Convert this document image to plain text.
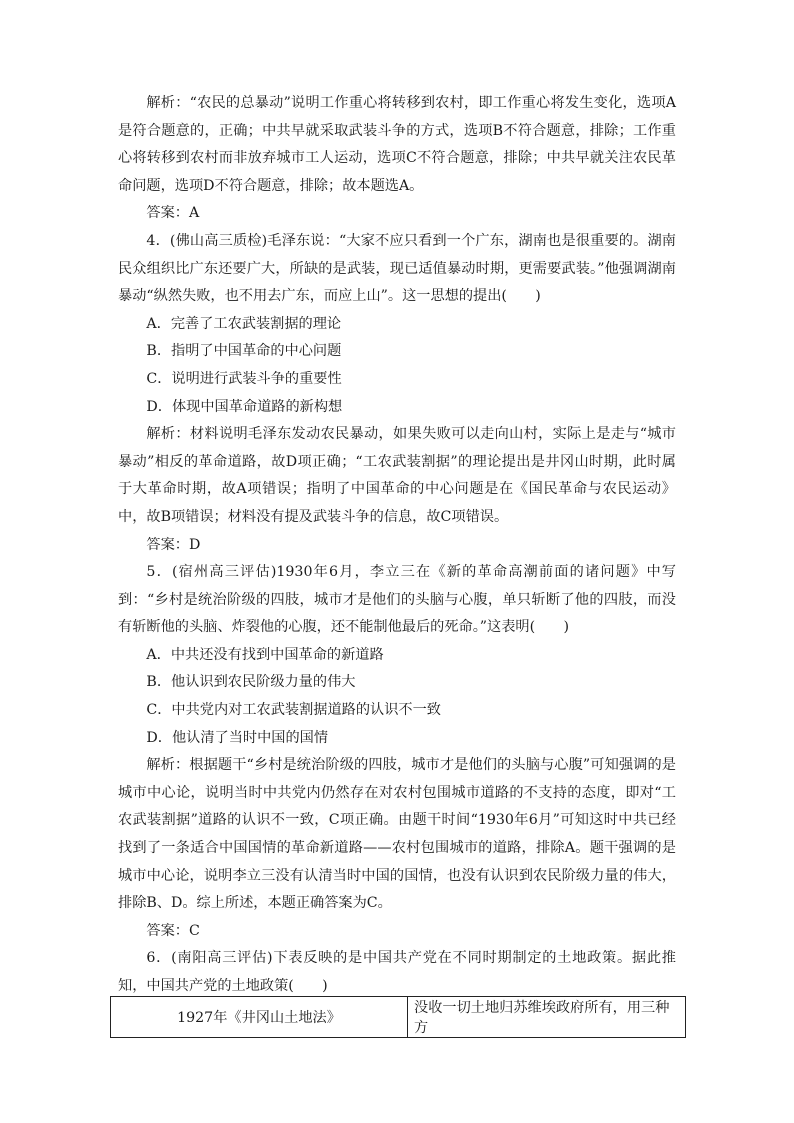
解析：“农民的总暴动”说明工作重心将转移到农村，即工作重心将发生变化，选项A是符合题意的，正确；中共早就采取武装斗争的方式，选项B不符合题意，排除；工作重心将转移到农村而非放弃城市工人运动，选项C不符合题意，排除；中共早就关注农民革命问题，选项D不符合题意，排除；故本题选A。

答案：A

4．(佛山高三质检)毛泽东说：“大家不应只看到一个广东，湖南也是很重要的。湖南民众组织比广东还要广大，所缺的是武装，现已适值暴动时期，更需要武装。”他强调湖南暴动“纵然失败，也不用去广东，而应上山”。这一思想的提出(　　)

A．完善了工农武装割据的理论

B．指明了中国革命的中心问题

C．说明进行武装斗争的重要性

D．体现中国革命道路的新构想

解析：材料说明毛泽东发动农民暴动，如果失败可以走向山村，实际上是走与“城市暴动”相反的革命道路，故D项正确；“工农武装割据”的理论提出是井冈山时期，此时属于大革命时期，故A项错误；指明了中国革命的中心问题是在《国民革命与农民运动》中，故B项错误；材料没有提及武装斗争的信息，故C项错误。

答案：D

5．(宿州高三评估)1930年6月，李立三在《新的革命高潮前面的诸问题》中写到：“乡村是统治阶级的四肢，城市才是他们的头脑与心腹，单只斩断了他的四肢，而没有斩断他的头脑、炸裂他的心腹，还不能制他最后的死命。”这表明(　　)

A．中共还没有找到中国革命的新道路

B．他认识到农民阶级力量的伟大

C．中共党内对工农武装割据道路的认识不一致

D．他认清了当时中国的国情

解析：根据题干“乡村是统治阶级的四肢，城市才是他们的头脑与心腹”可知强调的是城市中心论，说明当时中共党内仍然存在对农村包围城市道路的不支持的态度，即对“工农武装割据”道路的认识不一致，C项正确。由题干时间“1930年6月”可知这时中共已经找到了一条适合中国国情的革命新道路——农村包围城市的道路，排除A。题干强调的是城市中心论，说明李立三没有认清当时中国的国情，也没有认识到农民阶级力量的伟大，排除B、D。综上所述，本题正确答案为C。

答案：C

6．(南阳高三评估)下表反映的是中国共产党在不同时期制定的土地政策。据此推知，中国共产党的土地政策(　　)

1927年《井冈山土地法》	没收一切土地归苏维埃政府所有，用三种方
